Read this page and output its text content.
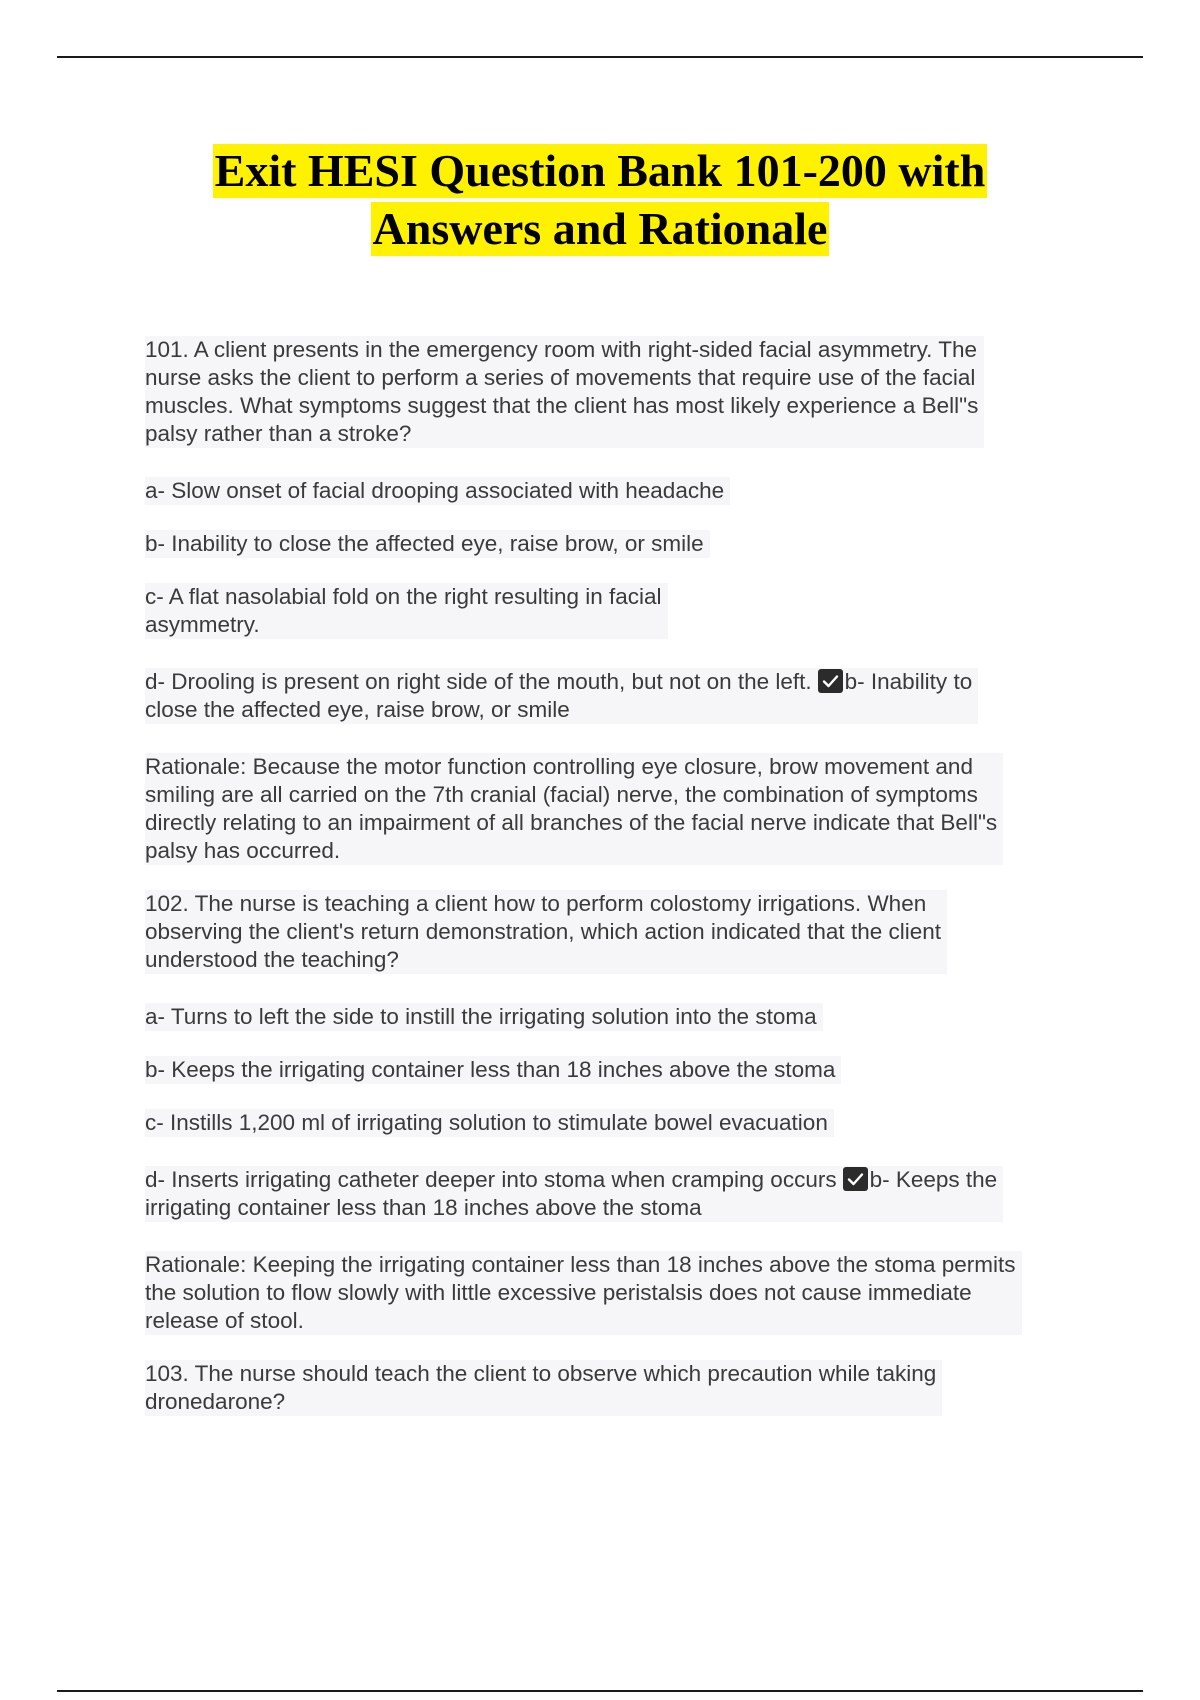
Exit HESI Question Bank 101-200 with
Answers and Rationale
101. A client presents in the emergency room with right-sided facial asymmetry. The
nurse asks the client to perform a series of movements that require use of the facial
muscles. What symptoms suggest that the client has most likely experience a Bell"s
palsy rather than a stroke?
a- Slow onset of facial drooping associated with headache
b- Inability to close the affected eye, raise brow, or smile
c- A flat nasolabial fold on the right resulting in facial
asymmetry.
d- Drooling is present on right side of the mouth, but not on the left. b- Inability to
close the affected eye, raise brow, or smile
Rationale: Because the motor function controlling eye closure, brow movement and
smiling are all carried on the 7th cranial (facial) nerve, the combination of symptoms
directly relating to an impairment of all branches of the facial nerve indicate that Bell"s
palsy has occurred.
102. The nurse is teaching a client how to perform colostomy irrigations. When
observing the client's return demonstration, which action indicated that the client
understood the teaching?
a- Turns to left the side to instill the irrigating solution into the stoma
b- Keeps the irrigating container less than 18 inches above the stoma
c- Instills 1,200 ml of irrigating solution to stimulate bowel evacuation
d- Inserts irrigating catheter deeper into stoma when cramping occurs b- Keeps the
irrigating container less than 18 inches above the stoma
Rationale: Keeping the irrigating container less than 18 inches above the stoma permits
the solution to flow slowly with little excessive peristalsis does not cause immediate
release of stool.
103. The nurse should teach the client to observe which precaution while taking
dronedarone?
